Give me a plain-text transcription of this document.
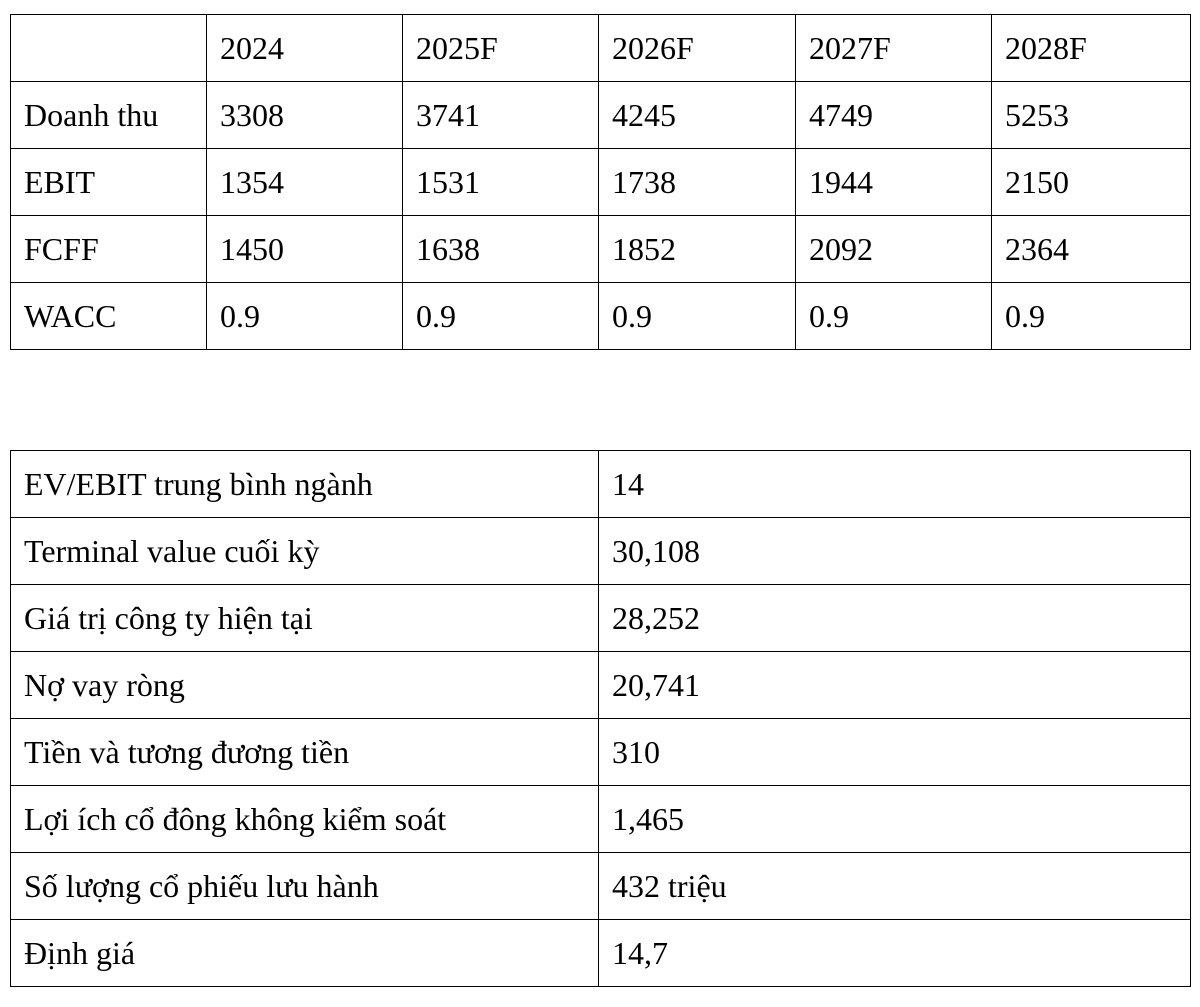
	2024	2025F	2026F	2027F	2028F
Doanh thu	3308	3741	4245	4749	5253
EBIT	1354	1531	1738	1944	2150
FCFF	1450	1638	1852	2092	2364
WACC	0.9	0.9	0.9	0.9	0.9
EV/EBIT trung bình ngành	14
Terminal value cuối kỳ	30,108
Giá trị công ty hiện tại	28,252
Nợ vay ròng	20,741
Tiền và tương đương tiền	310
Lợi ích cổ đông không kiểm soát	1,465
Số lượng cổ phiếu lưu hành	432 triệu
Định giá	14,7
